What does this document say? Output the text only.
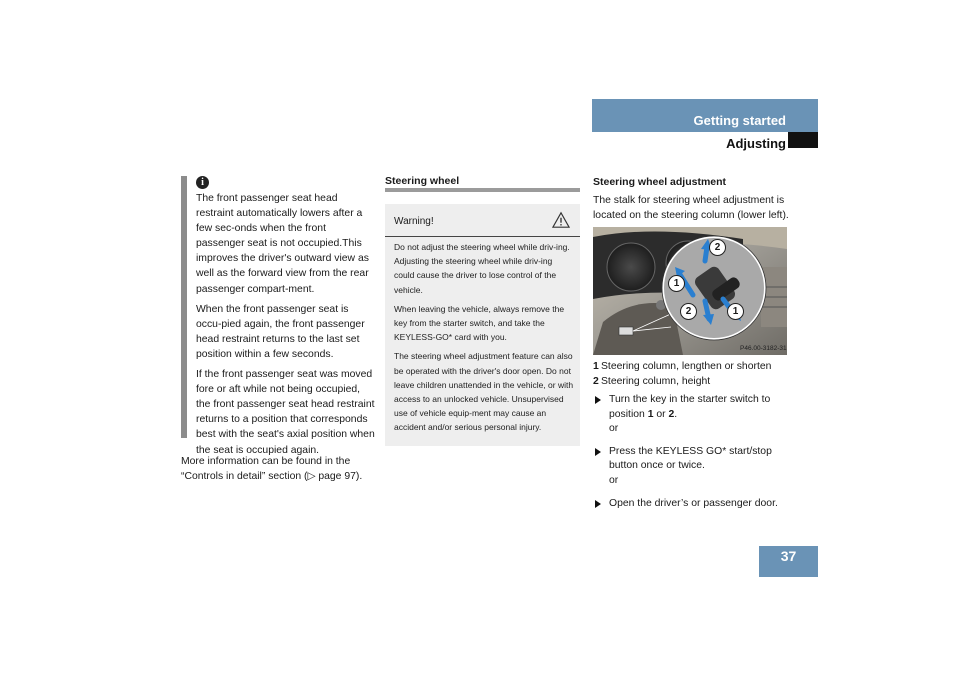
Getting started
Adjusting
i

The front passenger seat head restraint automatically lowers after a few sec-onds when the front passenger seat is not occupied.This improves the driver's outward view as well as the forward view from the rear passenger compart-ment.

When the front passenger seat is occu-pied again, the front passenger head restraint returns to the last set position within a few seconds.

If the front passenger seat was moved fore or aft while not being occupied, the front passenger seat head restraint returns to a position that corresponds best with the seat's axial position when the seat is occupied again.

More information can be found in the “Controls in detail” section (▷ page 97).

Steering wheel
Warning!

Do not adjust the steering wheel while driv-ing. Adjusting the steering wheel while driv-ing could cause the driver to lose control of the vehicle.

When leaving the vehicle, always remove the key from the starter switch, and take the KEYLESS-GO* card with you.

The steering wheel adjustment feature can also be operated with the driver's door open. Do not leave children unattended in the vehicle, or with access to an unlocked vehicle. Unsupervised use of vehicle equip-ment may cause an accident and/or serious personal injury.

Steering wheel adjustment

The stalk for steering wheel adjustment is located on the steering column (lower left).

2
1
2	1
P46.00-3182-31
1 Steering column, lengthen or shorten
2 Steering column, height
Turn the key in the starter switch to position 1 or 2.
or
Press the KEYLESS GO* start/stop button once or twice.
or
Open the driver’s or passenger door.
37
